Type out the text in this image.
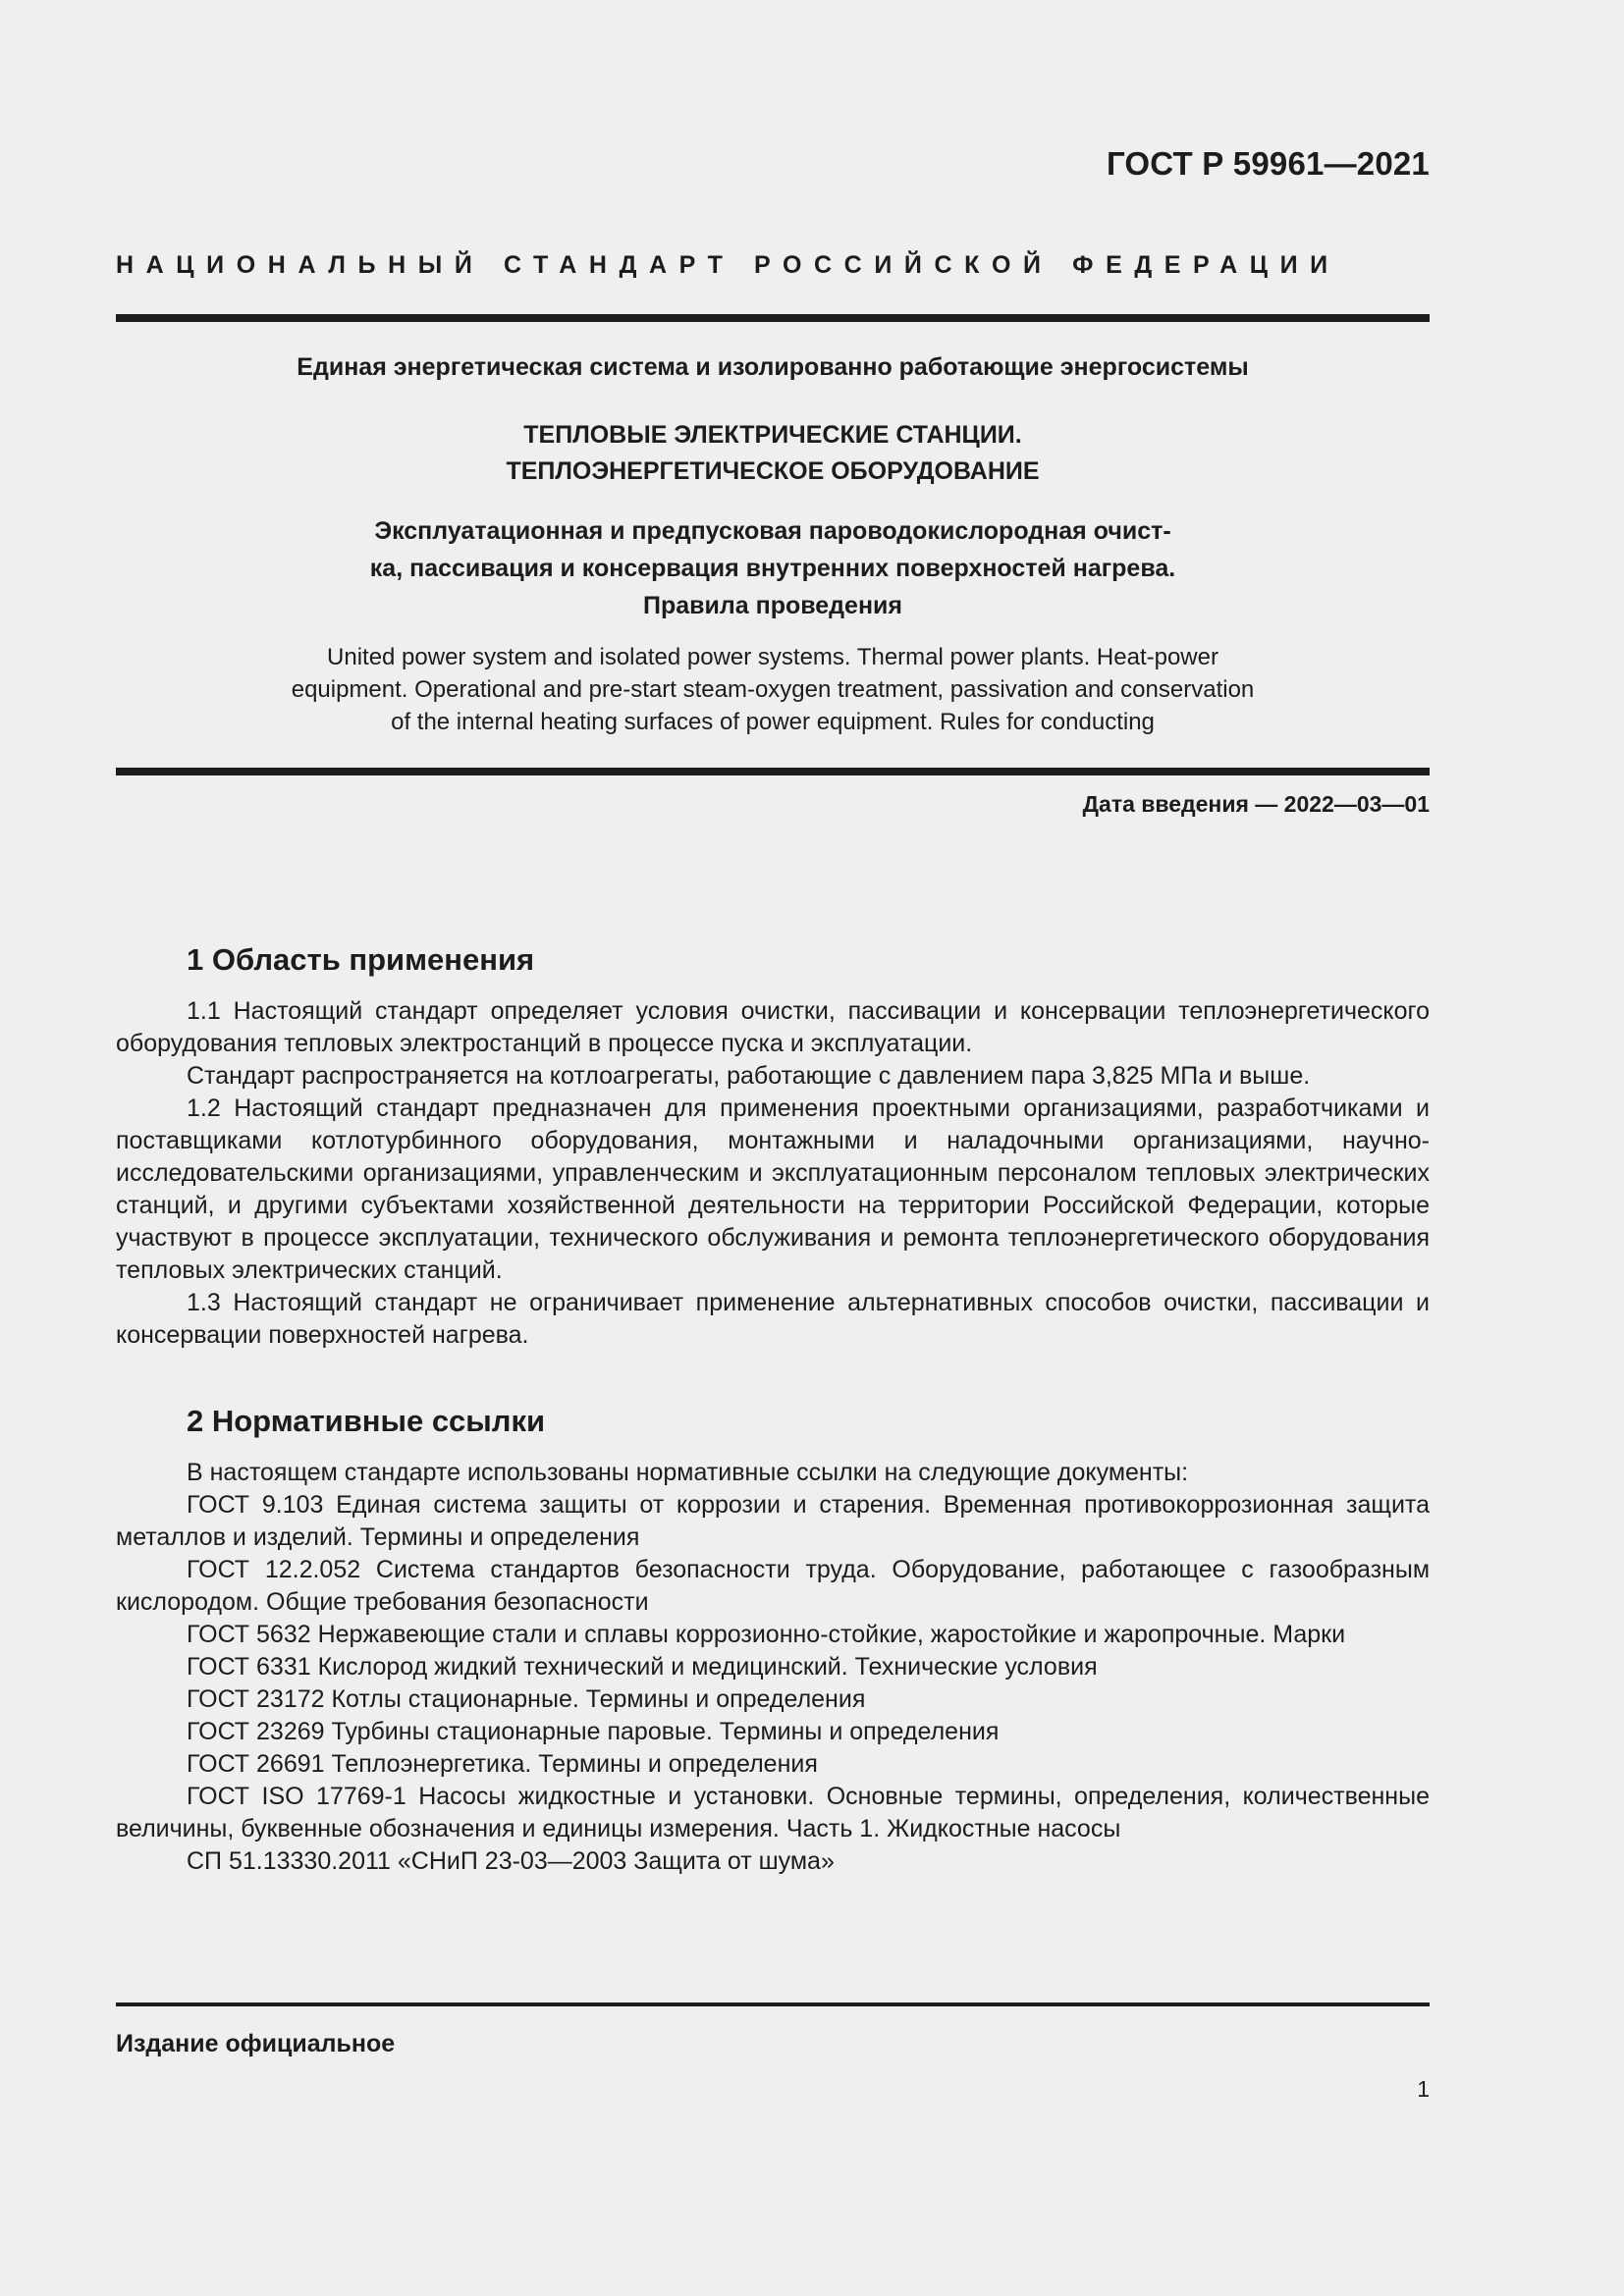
ГОСТ Р 59961—2021
НАЦИОНАЛЬНЫЙ СТАНДАРТ РОССИЙСКОЙ ФЕДЕРАЦИИ
Единая энергетическая система и изолированно работающие энергосистемы
ТЕПЛОВЫЕ ЭЛЕКТРИЧЕСКИЕ СТАНЦИИ.
ТЕПЛОЭНЕРГЕТИЧЕСКОЕ ОБОРУДОВАНИЕ
Эксплуатационная и предпусковая пароводокислородная очист-
ка, пассивация и консервация внутренних поверхностей нагрева.
Правила проведения
United power system and isolated power systems. Thermal power plants. Heat-power
equipment. Operational and pre-start steam-oxygen treatment, passivation and conservation
of the internal heating surfaces of power equipment. Rules for conducting
Дата введения — 2022—03—01
1 Область применения

1.1 Настоящий стандарт определяет условия очистки, пассивации и консервации теплоэнергетического оборудования тепловых электростанций в процессе пуска и эксплуатации.

Стандарт распространяется на котлоагрегаты, работающие с давлением пара 3,825 МПа и выше.

1.2 Настоящий стандарт предназначен для применения проектными организациями, разработчиками и поставщиками котлотурбинного оборудования, монтажными и наладочными организациями, научно-исследовательскими организациями, управленческим и эксплуатационным персоналом тепловых электрических станций, и другими субъектами хозяйственной деятельности на территории Российской Федерации, которые участвуют в процессе эксплуатации, технического обслуживания и ремонта теплоэнергетического оборудования тепловых электрических станций.

1.3 Настоящий стандарт не ограничивает применение альтернативных способов очистки, пассивации и консервации поверхностей нагрева.

2 Нормативные ссылки

В настоящем стандарте использованы нормативные ссылки на следующие документы:

ГОСТ 9.103 Единая система защиты от коррозии и старения. Временная противокоррозионная защита металлов и изделий. Термины и определения

ГОСТ 12.2.052 Система стандартов безопасности труда. Оборудование, работающее с газообразным кислородом. Общие требования безопасности

ГОСТ 5632 Нержавеющие стали и сплавы коррозионно-стойкие, жаростойкие и жаропрочные. Марки

ГОСТ 6331 Кислород жидкий технический и медицинский. Технические условия

ГОСТ 23172 Котлы стационарные. Термины и определения

ГОСТ 23269 Турбины стационарные паровые. Термины и определения

ГОСТ 26691 Теплоэнергетика. Термины и определения

ГОСТ ISO 17769-1 Насосы жидкостные и установки. Основные термины, определения, количественные величины, буквенные обозначения и единицы измерения. Часть 1. Жидкостные насосы

СП 51.13330.2011 «СНиП 23-03—2003 Защита от шума»

Издание официальное
1
